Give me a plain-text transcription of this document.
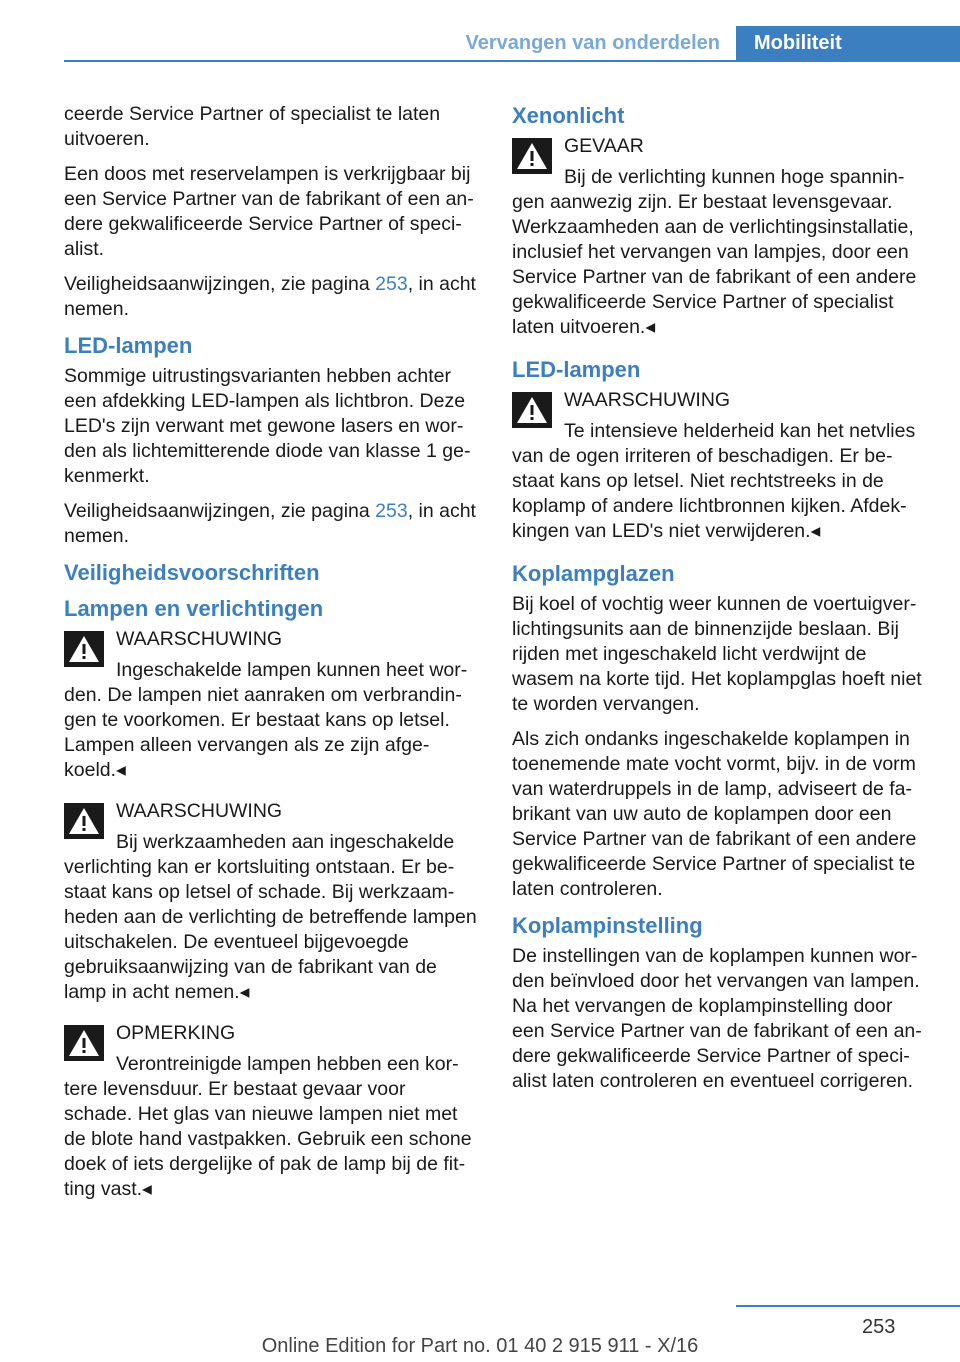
Vervangen van onderdelen	Mobiliteit

ceerde Service Partner of specialist te laten uitvoeren.

Een doos met reservelampen is verkrijgbaar bij een Service Partner van de fabrikant of een andere gekwalificeerde Service Partner of specialist.

Veiligheidsaanwijzingen, zie pagina 253, in acht nemen.

LED-lampen

Sommige uitrustingsvarianten hebben achter een afdekking LED-lampen als lichtbron. Deze LED's zijn verwant met gewone lasers en worden als lichtemitterende diode van klasse 1 gekenmerkt.

Veiligheidsaanwijzingen, zie pagina 253, in acht nemen.

Veiligheidsvoorschriften
Lampen en verlichtingen
WAARSCHUWING
Ingeschakelde lampen kunnen heet worden. De lampen niet aanraken om verbrandingen te voorkomen. Er bestaat kans op letsel. Lampen alleen vervangen als ze zijn afgekoeld.◂
WAARSCHUWING
Bij werkzaamheden aan ingeschakelde verlichting kan er kortsluiting ontstaan. Er bestaat kans op letsel of schade. Bij werkzaamheden aan de verlichting de betreffende lampen uitschakelen. De eventueel bijgevoegde gebruiksaanwijzing van de fabrikant van de lamp in acht nemen.◂
OPMERKING
Verontreinigde lampen hebben een kortere levensduur. Er bestaat gevaar voor schade. Het glas van nieuwe lampen niet met de blote hand vastpakken. Gebruik een schone doek of iets dergelijke of pak de lamp bij de fitting vast.◂
Xenonlicht
GEVAAR
Bij de verlichting kunnen hoge spanningen aanwezig zijn. Er bestaat levensgevaar. Werkzaamheden aan de verlichtingsinstallatie, inclusief het vervangen van lampjes, door een Service Partner van de fabrikant of een andere gekwalificeerde Service Partner of specialist laten uitvoeren.◂
LED-lampen
WAARSCHUWING
Te intensieve helderheid kan het netvlies van de ogen irriteren of beschadigen. Er bestaat kans op letsel. Niet rechtstreeks in de koplamp of andere lichtbronnen kijken. Afdekkingen van LED's niet verwijderen.◂
Koplampglazen

Bij koel of vochtig weer kunnen de voertuigverlichtingsunits aan de binnenzijde beslaan. Bij rijden met ingeschakeld licht verdwijnt de wasem na korte tijd. Het koplampglas hoeft niet te worden vervangen.

Als zich ondanks ingeschakelde koplampen in toenemende mate vocht vormt, bijv. in de vorm van waterdruppels in de lamp, adviseert de fabrikant van uw auto de koplampen door een Service Partner van de fabrikant of een andere gekwalificeerde Service Partner of specialist te laten controleren.

Koplampinstelling

De instellingen van de koplampen kunnen worden beïnvloed door het vervangen van lampen. Na het vervangen de koplampinstelling door een Service Partner van de fabrikant of een andere gekwalificeerde Service Partner of specialist laten controleren en eventueel corrigeren.

253
Online Edition for Part no. 01 40 2 915 911 - X/16
